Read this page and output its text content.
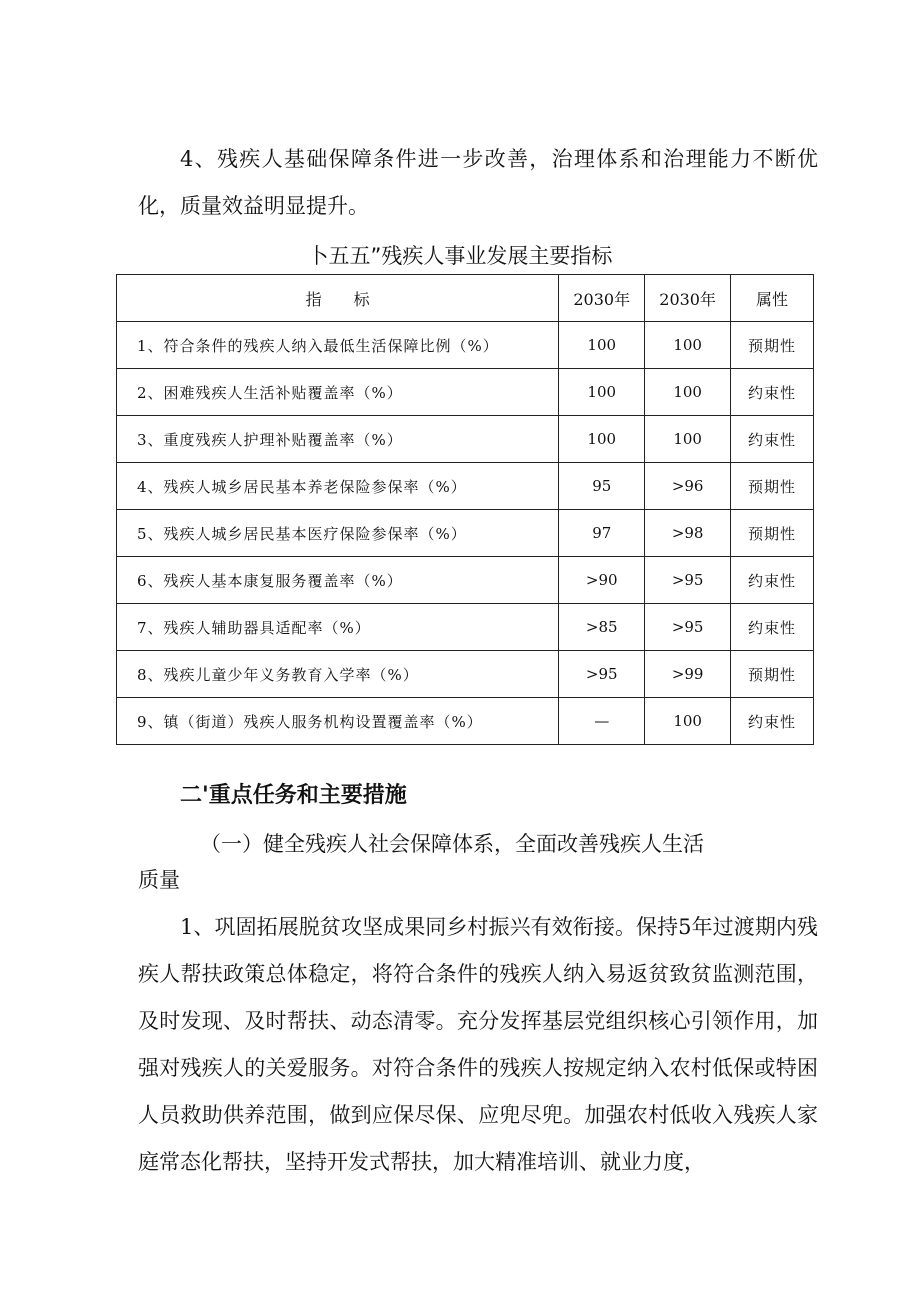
4、残疾人基础保障条件进一步改善，治理体系和治理能力不断优化，质量效益明显提升。

卜五五”残疾人事业发展主要指标
指　　标	2030年	2030年	属性
1、符合条件的残疾人纳入最低生活保障比例（%）	100	100	预期性
2、困难残疾人生活补贴覆盖率（%）	100	100	约束性
3、重度残疾人护理补贴覆盖率（%）	100	100	约束性
4、残疾人城乡居民基本养老保险参保率（%）	95	>96	预期性
5、残疾人城乡居民基本医疗保险参保率（%）	97	>98	预期性
6、残疾人基本康复服务覆盖率（%）	>90	>95	约束性
7、残疾人辅助器具适配率（%）	>85	>95	约束性
8、残疾儿童少年义务教育入学率（%）	>95	>99	预期性
9、镇（街道）残疾人服务机构设置覆盖率（%）	—	100	约束性
二'重点任务和主要措施

（一）健全残疾人社会保障体系，全面改善残疾人生活
质量

1、巩固拓展脱贫攻坚成果同乡村振兴有效衔接。保持5年过渡期内残疾人帮扶政策总体稳定，将符合条件的残疾人纳入易返贫致贫监测范围，及时发现、及时帮扶、动态清零。充分发挥基层党组织核心引领作用，加强对残疾人的关爱服务。对符合条件的残疾人按规定纳入农村低保或特困人员救助供养范围，做到应保尽保、应兜尽兜。加强农村低收入残疾人家庭常态化帮扶，坚持开发式帮扶，加大精准培训、就业力度，
